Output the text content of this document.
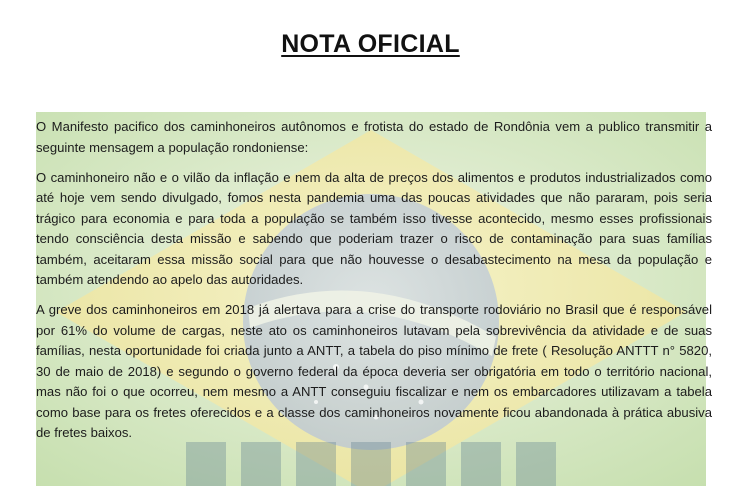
NOTA OFICIAL

O Manifesto pacifico dos caminhoneiros autônomos e frotista do estado de Rondônia vem a publico transmitir a seguinte mensagem a população rondoniense:

O caminhoneiro não e o vilão da inflação e nem da alta de preços dos alimentos e produtos industrializados como até hoje vem sendo divulgado, fomos nesta pandemia uma das poucas atividades que não pararam, pois seria trágico para economia e para toda a população se também isso tivesse acontecido, mesmo esses profissionais tendo consciência desta missão e sabendo que poderiam trazer o risco de contaminação para suas famílias também, aceitaram essa missão social para que não houvesse o desabastecimento na mesa da população e também atendendo ao apelo das autoridades.

A greve dos caminhoneiros em 2018 já alertava para a crise do transporte rodoviário no Brasil que é responsável por 61% do volume de cargas, neste ato os caminhoneiros lutavam pela sobrevivência da atividade e de suas famílias, nesta oportunidade foi criada junto a ANTT, a tabela do piso mínimo de frete ( Resolução ANTTT n° 5820, 30 de maio de 2018) e segundo o governo federal da época deveria ser obrigatória em todo o território nacional, mas não foi o que ocorreu, nem mesmo a ANTT conseguiu fiscalizar e nem os embarcadores utilizavam a tabela como base para os fretes oferecidos e a classe dos caminhoneiros novamente ficou abandonada à prática abusiva de fretes baixos.
